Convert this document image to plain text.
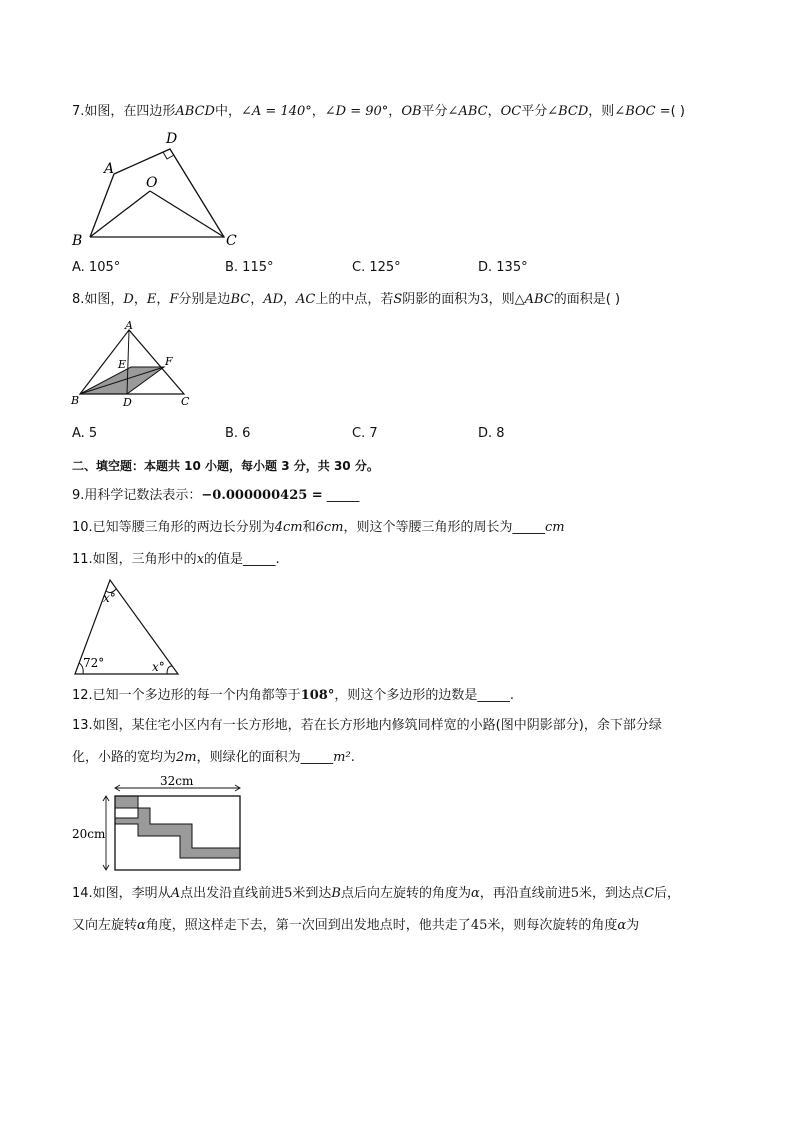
7.如图，在四边形ABCD中，∠A = 140°，∠D = 90°，OB平分∠ABC，OC平分∠BCD，则∠BOC =( )
A
D
O
B	C
A. 105°	B. 115°	C. 125°	D. 135°
8.如图，D，E，F分别是边BC，AD，AC上的中点，若S阴影的面积为3，则△ABC的面积是( )
A
E	F
B	D	C
A. 5	B. 6	C. 7	D. 8
二、填空题：本题共 10 小题，每小题 3 分，共 30 分。
9.用科学记数法表示：−0.000000425 = _____
10.已知等腰三角形的两边长分别为4cm和6cm，则这个等腰三角形的周长为_____cm
11.如图，三角形中的x的值是_____.
x°
72°	x°
12.已知一个多边形的每一个内角都等于108°，则这个多边形的边数是_____.
13.如图，某住宅小区内有一长方形地，若在长方形地内修筑同样宽的小路(图中阴影部分)，余下部分绿
化，小路的宽均为2m，则绿化的面积为_____m².
32cm
20cm
14.如图，李明从A点出发沿直线前进5米到达B点后向左旋转的角度为α，再沿直线前进5米，到达点C后，
又向左旋转α角度，照这样走下去，第一次回到出发地点时，他共走了45米，则每次旋转的角度α为
